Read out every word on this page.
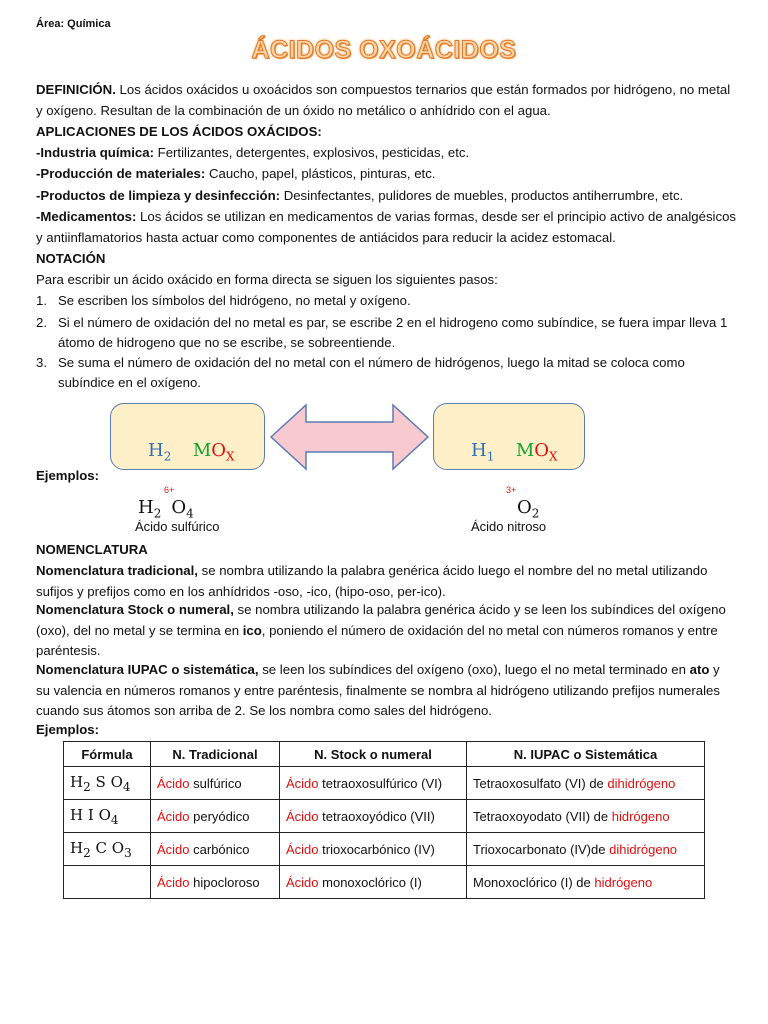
Área: Química
ÁCIDOS OXOÁCIDOS
DEFINICIÓN. Los ácidos oxácidos u oxoácidos son compuestos ternarios que están formados por hidrógeno, no metal y oxígeno. Resultan de la combinación de un óxido no metálico o anhídrido con el agua.
APLICACIONES DE LOS ÁCIDOS OXÁCIDOS:
-Industria química: Fertilizantes, detergentes, explosivos, pesticidas, etc.
-Producción de materiales: Caucho, papel, plásticos, pinturas, etc.
-Productos de limpieza y desinfección: Desinfectantes, pulidores de muebles, productos antiherrumbre, etc.
-Medicamentos: Los ácidos se utilizan en medicamentos de varias formas, desde ser el principio activo de analgésicos y antiinflamatorios hasta actuar como componentes de antiácidos para reducir la acidez estomacal.
NOTACIÓN
Para escribir un ácido oxácido en forma directa se siguen los siguientes pasos:
1. Se escriben los símbolos del hidrógeno, no metal y oxígeno.
2. Si el número de oxidación del no metal es par, se escribe 2 en el hidrogeno como subíndice, se fuera impar lleva 1 átomo de hidrogeno que no se escribe, se sobreentiende.
3. Se suma el número de oxidación del no metal con el número de hidrógenos, luego la mitad se coloca como subíndice en el oxígeno.
$H_2$ $MO_X$	$H_1$ $MO_X$
Ejemplos:
$H_2$ $O_4$
6+
Ácido sulfúrico
$O_2$
3+
Ácido nitroso
NOMENCLATURA
Nomenclatura tradicional, se nombra utilizando la palabra genérica ácido luego el nombre del no metal utilizando sufijos y prefijos como en los anhídridos -oso, -ico, (hipo-oso, per-ico).
Nomenclatura Stock o numeral, se nombra utilizando la palabra genérica ácido y se leen los subíndices del oxígeno (oxo), del no metal y se termina en ico, poniendo el número de oxidación del no metal con números romanos y entre paréntesis.
Nomenclatura IUPAC o sistemática, se leen los subíndices del oxígeno (oxo), luego el no metal terminado en ato y su valencia en números romanos y entre paréntesis, finalmente se nombra al hidrógeno utilizando prefijos numerales cuando sus átomos son arriba de 2. Se los nombra como sales del hidrógeno.
Ejemplos:
Fórmula	N. Tradicional	N. Stock o numeral	N. IUPAC o Sistemática
$H_2$ S $O_4$	Ácido sulfúrico	Ácido tetraoxosulfúrico (VI)	Tetraoxosulfato (VI) de dihidrógeno
H I $O_4$	Ácido peryódico	Ácido tetraoxoyódico (VII)	Tetraoxoyodato (VII) de hidrógeno
$H_2$ C $O_3$	Ácido carbónico	Ácido trioxocarbónico (IV)	Trioxocarbonato (IV)de dihidrógeno
	Ácido hipocloroso	Ácido monoxoclórico (I)	Monoxoclórico (I) de hidrógeno
